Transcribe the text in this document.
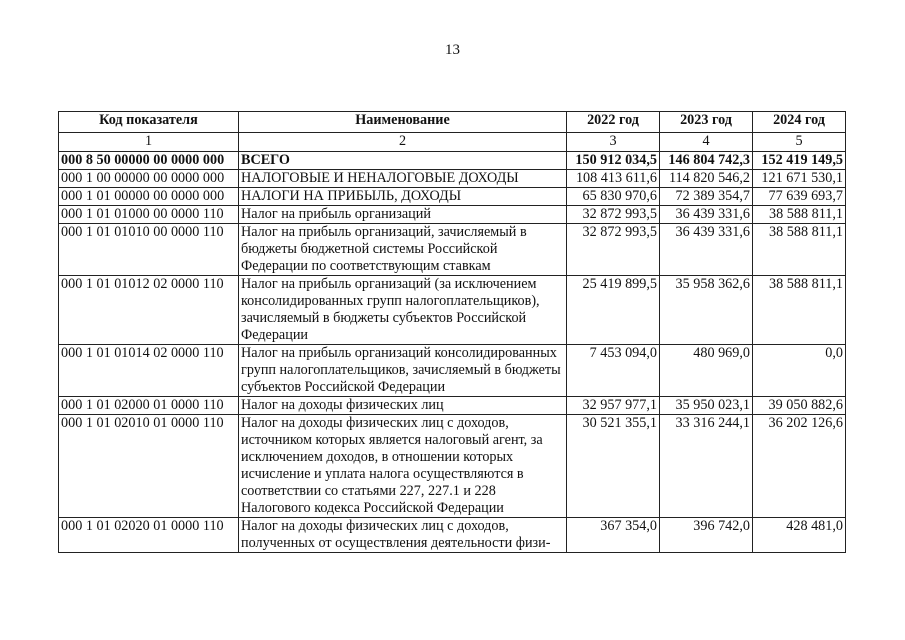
13
Код показателя	Наименование	2022 год	2023 год	2024 год
1	2	3	4	5
000 8 50 00000 00 0000 000	ВСЕГО	150 912 034,5	146 804 742,3	152 419 149,5
000 1 00 00000 00 0000 000	НАЛОГОВЫЕ И НЕНАЛОГОВЫЕ ДОХОДЫ	108 413 611,6	114 820 546,2	121 671 530,1
000 1 01 00000 00 0000 000	НАЛОГИ НА ПРИБЫЛЬ, ДОХОДЫ	65 830 970,6	72 389 354,7	77 639 693,7
000 1 01 01000 00 0000 110	Налог на прибыль организаций	32 872 993,5	36 439 331,6	38 588 811,1
000 1 01 01010 00 0000 110	Налог на прибыль организаций, зачисляемый в бюджеты бюджетной системы Российской Федерации по соответствующим ставкам	32 872 993,5	36 439 331,6	38 588 811,1
000 1 01 01012 02 0000 110	Налог на прибыль организаций (за исключением консолидированных групп налогоплательщиков), зачисляемый в бюджеты субъектов Российской Федерации	25 419 899,5	35 958 362,6	38 588 811,1
000 1 01 01014 02 0000 110	Налог на прибыль организаций консолидированных групп налогоплательщиков, зачисляемый в бюджеты субъектов Российской Федерации	7 453 094,0	480 969,0	0,0
000 1 01 02000 01 0000 110	Налог на доходы физических лиц	32 957 977,1	35 950 023,1	39 050 882,6
000 1 01 02010 01 0000 110	Налог на доходы физических лиц с доходов, источником которых является налоговый агент, за исключением доходов, в отношении которых исчисление и уплата налога осуществляются в соответствии со статьями 227, 227.1 и 228 Налогового кодекса Российской Федерации	30 521 355,1	33 316 244,1	36 202 126,6
000 1 01 02020 01 0000 110	Налог на доходы физических лиц с доходов, полученных от осуществления деятельности физи-	367 354,0	396 742,0	428 481,0
